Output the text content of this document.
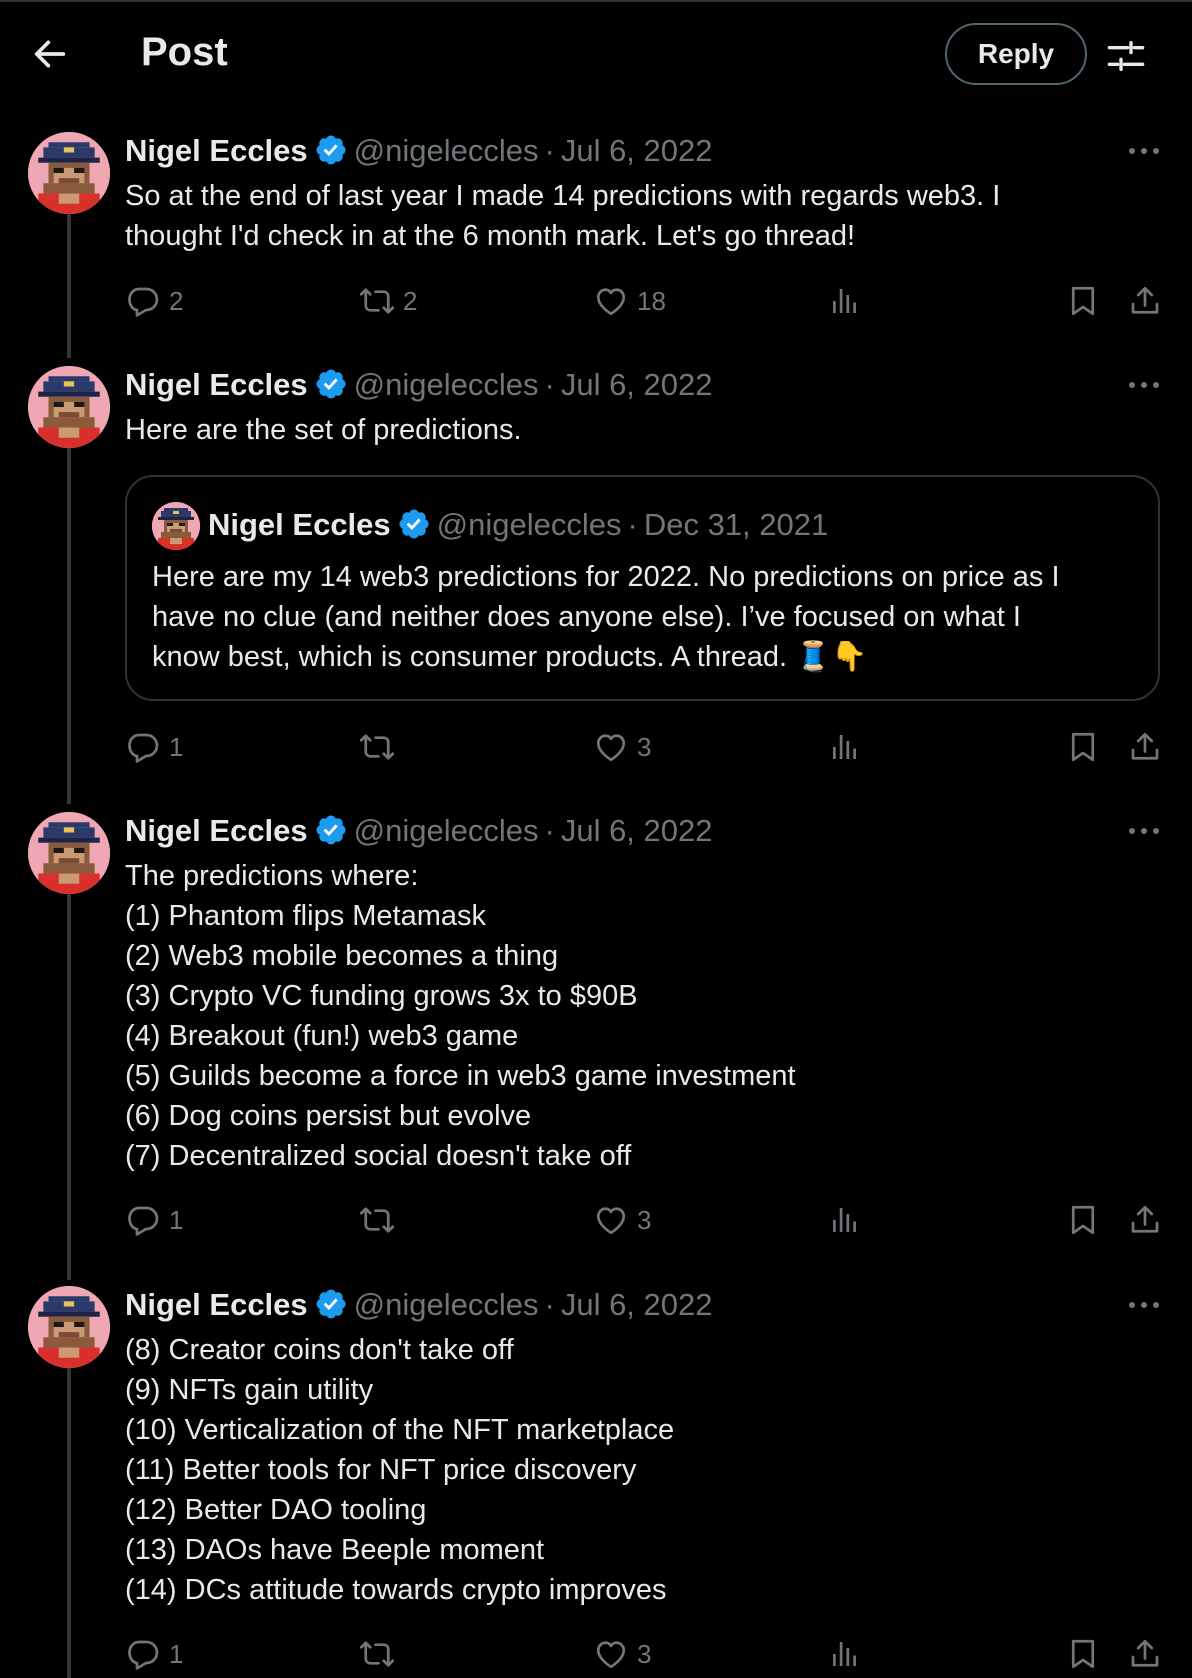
Post	Reply
Nigel Eccles @nigeleccles · Jul 6, 2022
So at the end of last year I made 14 predictions with regards web3. I
thought I'd check in at the 6 month mark. Let's go thread!
2	2	18
Nigel Eccles @nigeleccles · Jul 6, 2022
Here are the set of predictions.
Nigel Eccles @nigeleccles · Dec 31, 2021
Here are my 14 web3 predictions for 2022. No predictions on price as I
have no clue (and neither does anyone else). I’ve focused on what I
know best, which is consumer products. A thread. 🧵👇
1	3
Nigel Eccles @nigeleccles · Jul 6, 2022
The predictions where:
(1) Phantom flips Metamask
(2) Web3 mobile becomes a thing
(3) Crypto VC funding grows 3x to $90B
(4) Breakout (fun!) web3 game
(5) Guilds become a force in web3 game investment
(6) Dog coins persist but evolve
(7) Decentralized social doesn't take off
1	3
Nigel Eccles @nigeleccles · Jul 6, 2022
(8) Creator coins don't take off
(9) NFTs gain utility
(10) Verticalization of the NFT marketplace
(11) Better tools for NFT price discovery
(12) Better DAO tooling
(13) DAOs have Beeple moment
(14) DCs attitude towards crypto improves
1	3
